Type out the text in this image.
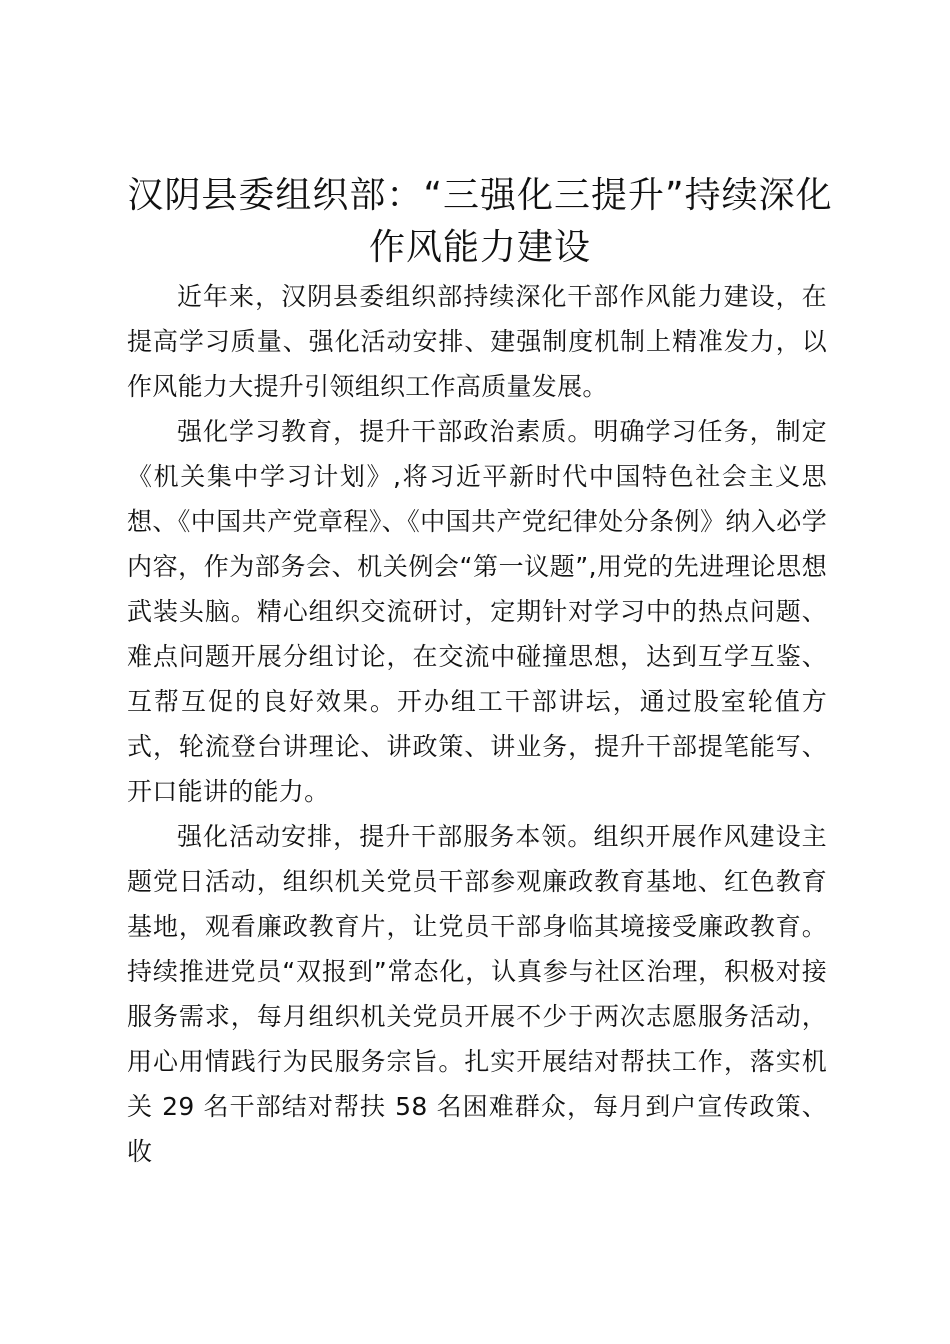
汉阴县委组织部：“三强化三提升”持续深化
作风能力建设

近年来，汉阴县委组织部持续深化干部作风能力建设，在提高学习质量、强化活动安排、建强制度机制上精准发力，以作风能力大提升引领组织工作高质量发展。

强化学习教育，提升干部政治素质。明确学习任务，制定《机关集中学习计划》,将习近平新时代中国特色社会主义思想、《中国共产党章程》、《中国共产党纪律处分条例》纳入必学内容，作为部务会、机关例会“第一议题”,用党的先进理论思想武装头脑。精心组织交流研讨，定期针对学习中的热点问题、难点问题开展分组讨论，在交流中碰撞思想，达到互学互鉴、互帮互促的良好效果。开办组工干部讲坛，通过股室轮值方式，轮流登台讲理论、讲政策、讲业务，提升干部提笔能写、开口能讲的能力。

强化活动安排，提升干部服务本领。组织开展作风建设主题党日活动，组织机关党员干部参观廉政教育基地、红色教育基地，观看廉政教育片，让党员干部身临其境接受廉政教育。持续推进党员“双报到”常态化，认真参与社区治理，积极对接服务需求，每月组织机关党员开展不少于两次志愿服务活动，用心用情践行为民服务宗旨。扎实开展结对帮扶工作，落实机关 29 名干部结对帮扶 58 名困难群众，每月到户宣传政策、收
